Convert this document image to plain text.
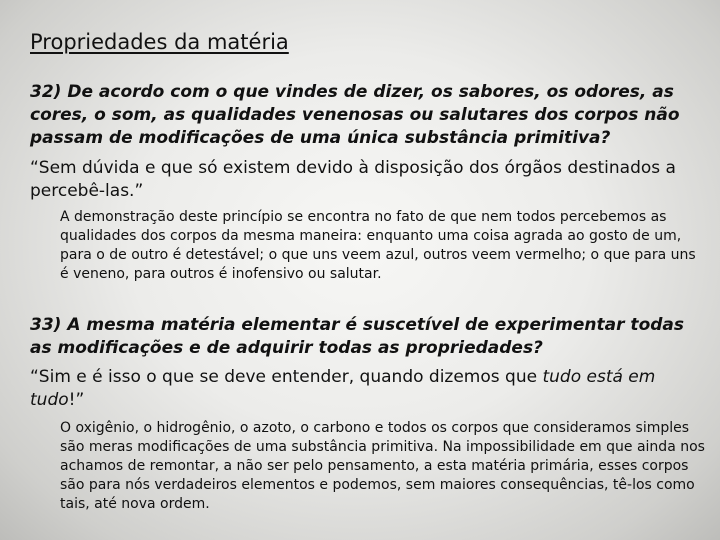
Propriedades da matéria
32) De acordo com o que vindes de dizer, os sabores, os odores, as cores, o som, as qualidades venenosas ou salutares dos corpos não passam de modificações de uma única substância primitiva?
“Sem dúvida e que só existem devido à disposição dos órgãos destinados a percebê-las.”
A demonstração deste princípio se encontra no fato de que nem todos percebemos as qualidades dos corpos da mesma maneira: enquanto uma coisa agrada ao gosto de um, para o de outro é detestável; o que uns veem azul, outros veem vermelho; o que para uns é veneno, para outros é inofensivo ou salutar.
33) A mesma matéria elementar é suscetível de experimentar todas as modificações e de adquirir todas as propriedades?
“Sim e é isso o que se deve entender, quando dizemos que tudo está em tudo!”
O oxigênio, o hidrogênio, o azoto, o carbono e todos os corpos que consideramos simples são meras modificações de uma substância primitiva. Na impossibilidade em que ainda nos achamos de remontar, a não ser pelo pensamento, a esta matéria primária, esses corpos são para nós verdadeiros elementos e podemos, sem maiores consequências, tê-los como tais, até nova ordem.
